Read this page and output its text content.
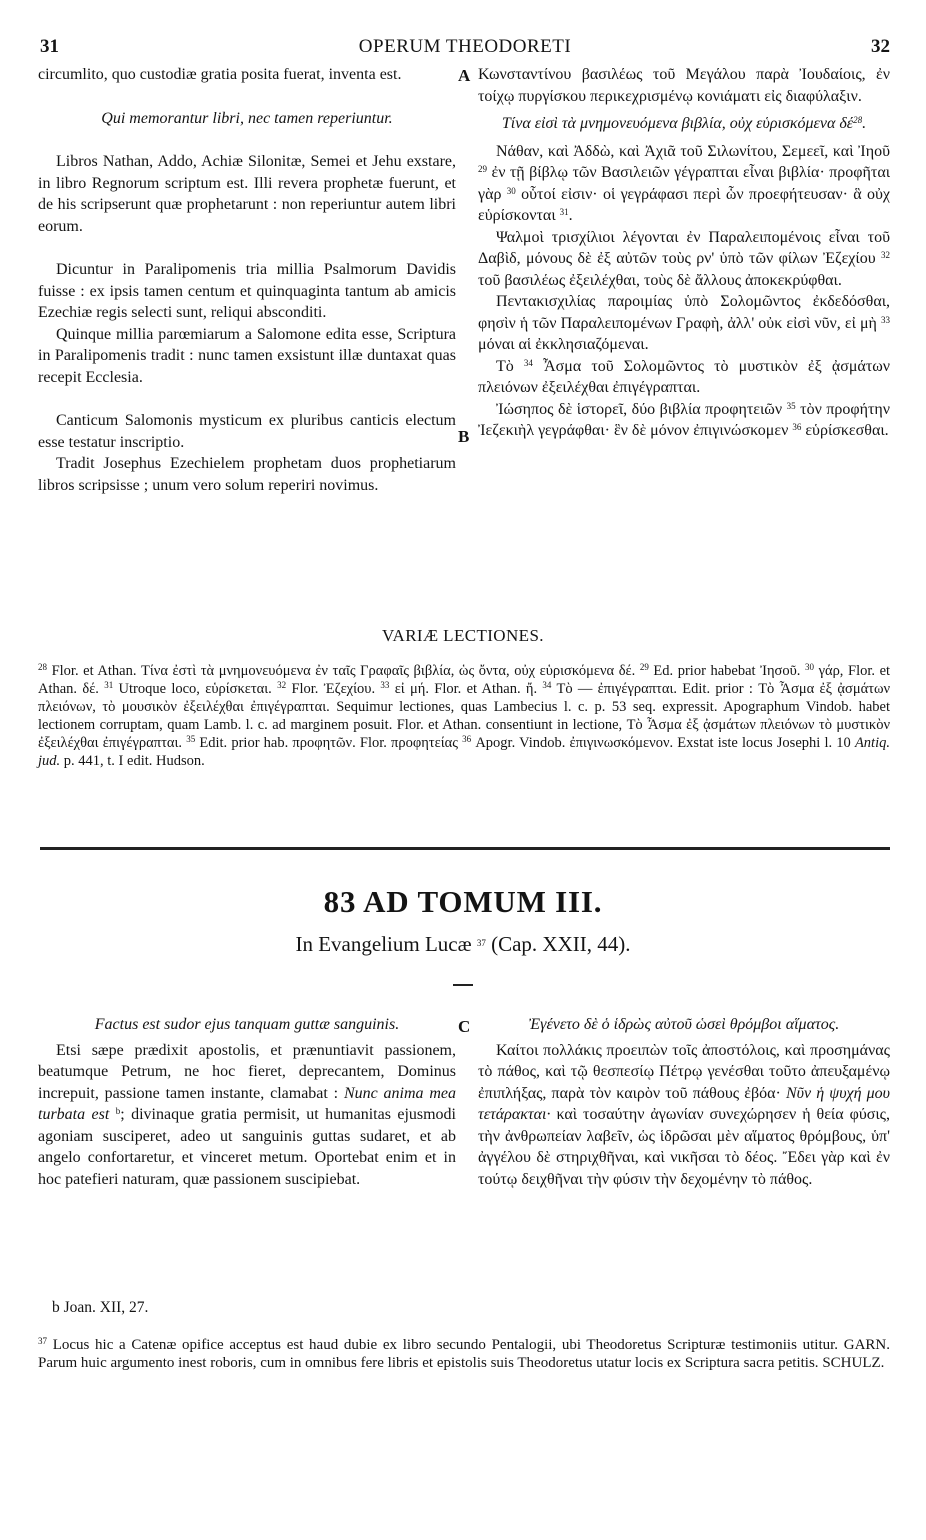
31	OPERUM THEODORETI	32
A
B
C

circumlito, quo custodiæ gratia posita fuerat, inventa est.

Qui memorantur libri, nec tamen reperiuntur.

Libros Nathan, Addo, Achiæ Silonitæ, Semei et Jehu exstare, in libro Regnorum scriptum est. Illi revera prophetæ fuerunt, et de his scripserunt quæ prophetarunt : non reperiuntur autem libri eorum.

Dicuntur in Paralipomenis tria millia Psalmorum Davidis fuisse : ex ipsis tamen centum et quinquaginta tantum ab amicis Ezechiæ regis selecti sunt, reliqui absconditi.

Quinque millia parœmiarum a Salomone edita esse, Scriptura in Paralipomenis tradit : nunc tamen exsistunt illæ duntaxat quas recepit Ecclesia.

Canticum Salomonis mysticum ex pluribus canticis electum esse testatur inscriptio.

Tradit Josephus Ezechielem prophetam duos prophetiarum libros scripsisse ; unum vero solum reperiri novimus.

Κωνσταντίνου βασιλέως τοῦ Μεγάλου παρὰ Ἰουδαίοις, ἐν τοίχῳ πυργίσκου περικεχρισμένῳ κονιάματι εἰς διαφύλαξιν.

Τίνα εἰσὶ τὰ μνημονευόμενα βιβλία, οὐχ εὑρισκόμενα $\delta έ^{28}$.

Νάθαν, καὶ Ἀδδὼ, καὶ Ἀχιᾶ τοῦ Σιλωνίτου, Σεμεεῖ, καὶ Ἰηοῦ $^{29}$ ἐν τῇ βίβλῳ τῶν Βασιλειῶν γέγραπται εἶναι βιβλία· προφῆται γὰρ $^{30}$ οὗτοί εἰσιν· οἱ γεγράφασι περὶ ὧν προεφήτευσαν· ἃ οὐχ εὑρίσκονται $^{31}$.

Ψαλμοὶ τρισχίλιοι λέγονται ἐν Παραλειπομένοις εἶναι τοῦ Δαβὶδ, μόνους δὲ ἐξ αὐτῶν τοὺς ρν' ὑπὸ τῶν φίλων Ἐζεχίου $^{32}$ τοῦ βασιλέως ἐξειλέχθαι, τοὺς δὲ ἄλλους ἀποκεκρύφθαι.

Πεντακισχιλίας παροιμίας ὑπὸ Σολομῶντος ἐκδεδόσθαι, φησὶν ἡ τῶν Παραλειπομένων Γραφὴ, ἀλλ' οὐκ εἰσὶ νῦν, εἰ μὴ $^{33}$ μόναι αἱ ἐκκλησιαζόμεναι.

Τὸ $^{34}$ Ἆσμα τοῦ Σολομῶντος τὸ μυστικὸν ἐξ ᾀσμάτων πλειόνων ἐξειλέχθαι ἐπιγέγραπται.

Ἰώσηπος δὲ ἱστορεῖ, δύο βιβλία προφητειῶν $^{35}$ τὸν προφήτην Ἰεζεκιὴλ γεγράφθαι· ἓν δὲ μόνον ἐπιγινώσκομεν $^{36}$ εὑρίσκεσθαι.

VARIÆ LECTIONES.
$^{28}$ Flor. et Athan. Τίνα ἐστὶ τὰ μνημονευόμενα ἐν ταῖς Γραφαῖς βιβλία, ὡς ὄντα, οὐχ εὑρισκόμενα δέ. $^{29}$ Ed. prior habebat Ἰησοῦ. $^{30}$ γάρ, Flor. et Athan. δέ. $^{31}$ Utroque loco, εὑρίσκεται. $^{32}$ Flor. Ἐζεχίου. $^{33}$ εἰ μή. Flor. et Athan. ἤ. $^{34}$ Τὸ — ἐπιγέγραπται. Edit. prior : Τὸ Ἆσμα ἐξ ᾀσμάτων πλειόνων, τὸ μουσικὸν ἐξειλέχθαι ἐπιγέγραπται. Sequimur lectiones, quas Lambecius l. c. p. 53 seq. expressit. Apographum Vindob. habet lectionem corruptam, quam Lamb. l. c. ad marginem posuit. Flor. et Athan. consentiunt in lectione, Τὸ Ἆσμα ἐξ ᾀσμάτων πλειόνων τὸ μυστικὸν ἐξειλέχθαι ἐπιγέγραπται. $^{35}$ Edit. prior hab. προφητῶν. Flor. προφητείας $^{36}$ Apogr. Vindob. ἐπιγινωσκόμενον. Exstat iste locus Josephi l. 10 Antiq. jud. p. 441, t. I edit. Hudson.
83 AD TOMUM III.
In Evangelium Lucæ $^{37}$ (Cap. XXII, 44).

Factus est sudor ejus tanquam guttæ sanguinis.

Etsi sæpe prædixit apostolis, et prænuntiavit passionem, beatumque Petrum, ne hoc fieret, deprecantem, Dominus increpuit, passione tamen instante, clamabat : Nunc anima mea turbata est $^b$; divinaque gratia permisit, ut humanitas ejusmodi agoniam susciperet, adeo ut sanguinis guttas sudaret, et ab angelo confortaretur, et vinceret metum. Oportebat enim et in hoc patefieri naturam, quæ passionem suscipiebat.

Ἐγένετο δὲ ὁ ἱδρὼς αὐτοῦ ὡσεὶ θρόμβοι αἵματος.

Καίτοι πολλάκις προειπὼν τοῖς ἀποστόλοις, καὶ προσημάνας τὸ πάθος, καὶ τῷ θεσπεσίῳ Πέτρῳ γενέσθαι τοῦτο ἀπευξαμένῳ ἐπιπλήξας, παρὰ τὸν καιρὸν τοῦ πάθους ἐβόα· Νῦν ἡ ψυχή μου τετάρακται· καὶ τοσαύτην ἀγωνίαν συνεχώρησεν ἡ θεία φύσις, τὴν ἀνθρωπείαν λαβεῖν, ὡς ἱδρῶσαι μὲν αἵματος θρόμβους, ὑπ' ἀγγέλου δὲ στηριχθῆναι, καὶ νικῆσαι τὸ δέος. Ἔδει γὰρ καὶ ἐν τούτῳ δειχθῆναι τὴν φύσιν τὴν δεχομένην τὸ πάθος.

b Joan. XII, 27.
$^{37}$ Locus hic a Catenæ opifice acceptus est haud dubie ex libro secundo Pentalogii, ubi Theodoretus Scripturæ testimoniis utitur. GARN. Parum huic argumento inest roboris, cum in omnibus fere libris et epistolis suis Theodoretus utatur locis ex Scriptura sacra petitis. SCHULZ.
